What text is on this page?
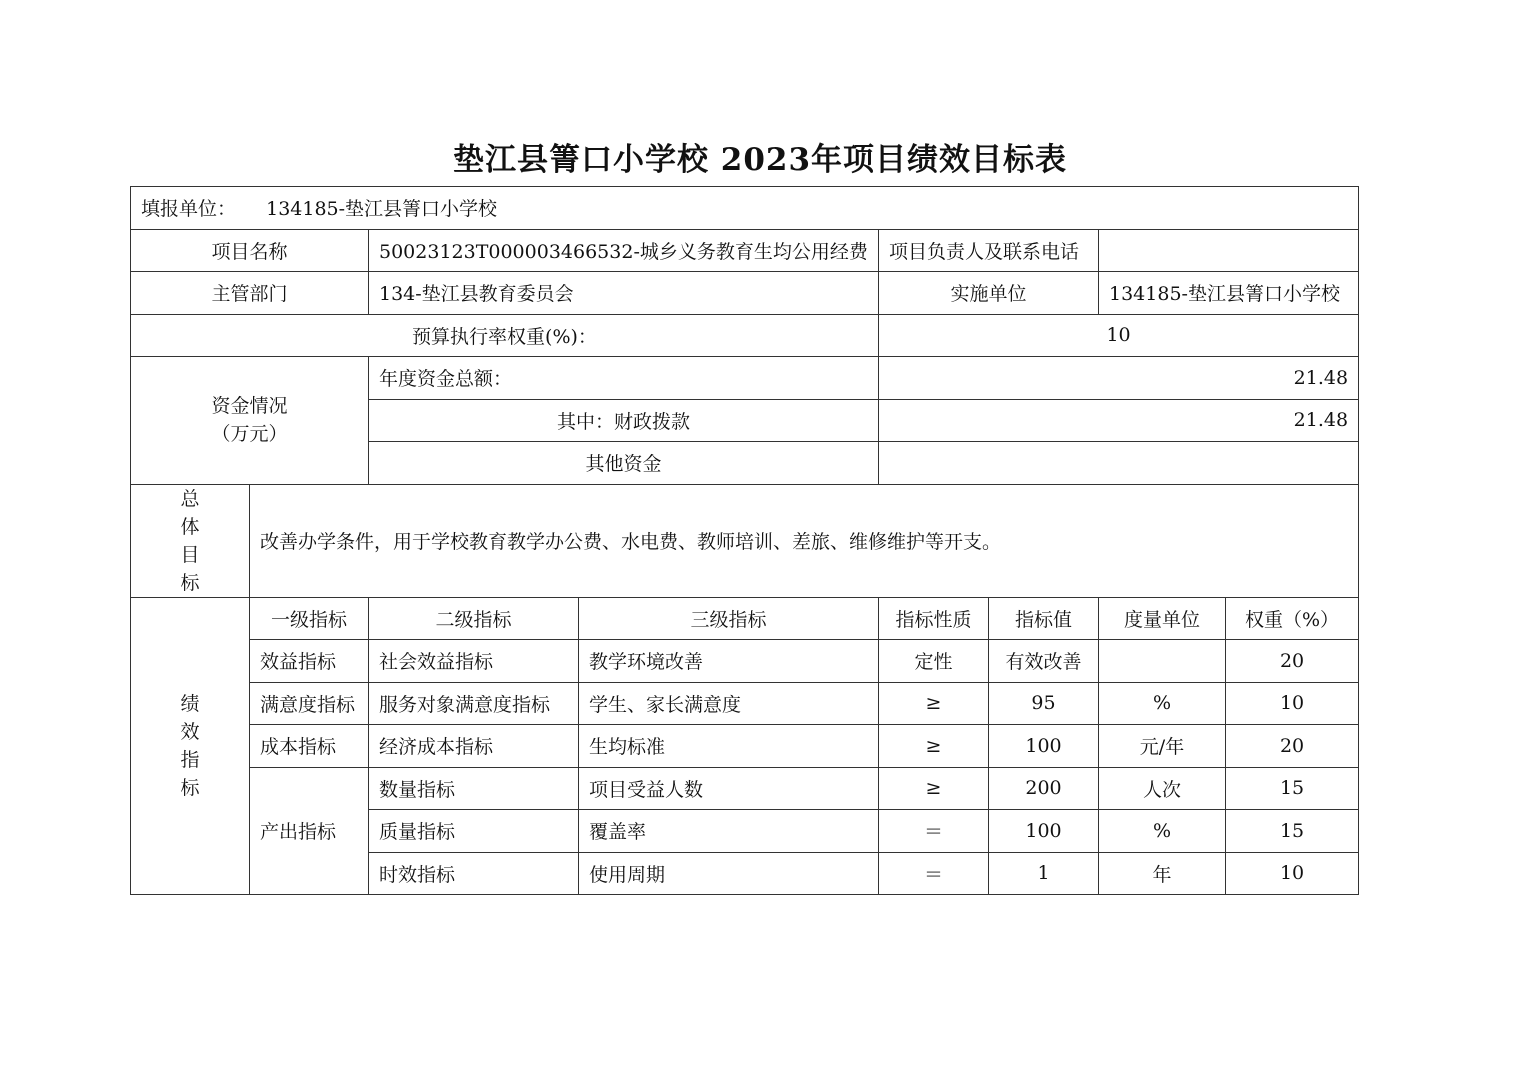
垫江县箐口小学校 2023年项目绩效目标表
填报单位： 134185-垫江县箐口小学校							
项目名称		50023123T000003466532-城乡义务教育生均公用经费		项目负责人及联系电话			
主管部门		134-垫江县教育委员会		实施单位		134185-垫江县箐口小学校	
预算执行率权重(%)：				10			
资金情况
（万元）		年度资金总额：		21.48			
		其中：财政拨款		21.48			
		其他资金					

总
体
目
标	改善办学条件，用于学校教育教学办公费、水电费、教师培训、差旅、维修维护等开支。						

绩
效
指
标	一级指标	二级指标	三级指标	指标性质	指标值	度量单位	权重（%）
	效益指标	社会效益指标	教学环境改善	定性	有效改善		20
	满意度指标	服务对象满意度指标	学生、家长满意度	≥	95	%	10
	成本指标	经济成本指标	生均标准	≥	100	元/年	20
	产出指标	数量指标	项目受益人数	≥	200	人次	15
		质量指标	覆盖率	＝	100	%	15
		时效指标	使用周期	＝	1	年	10
